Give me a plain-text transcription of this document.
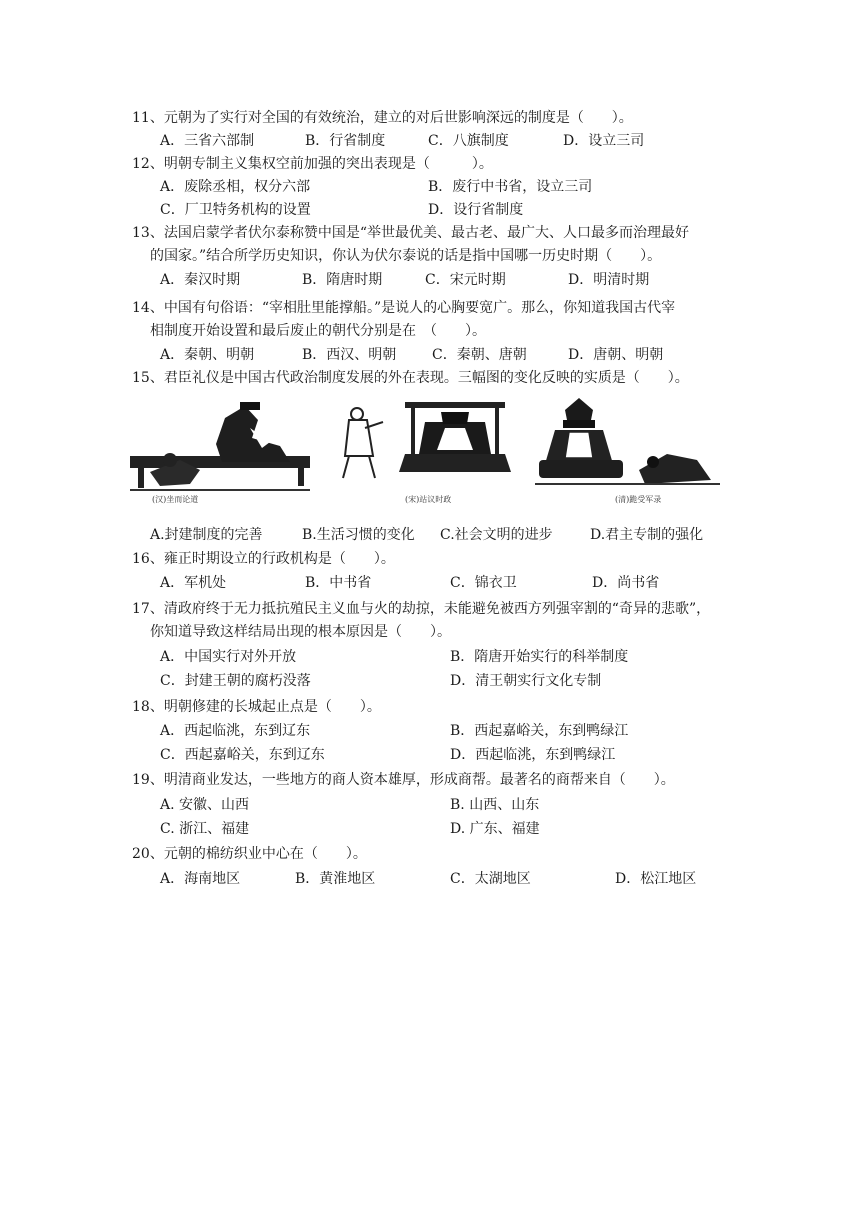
11、元朝为了实行对全国的有效统治，建立的对后世影响深远的制度是（　　）。
A．三省六部制	B．行省制度	C．八旗制度	D．设立三司
12、明朝专制主义集权空前加强的突出表现是（　　　）。
A．废除丞相，权分六部	B．废行中书省，设立三司
C．厂卫特务机构的设置	D．设行省制度
13、法国启蒙学者伏尔泰称赞中国是“举世最优美、最古老、最广大、人口最多而治理最好
的国家。”结合所学历史知识，你认为伏尔泰说的话是指中国哪一历史时期（　　）。
A．秦汉时期	B．隋唐时期	C．宋元时期	D．明清时期
14、中国有句俗语：“宰相肚里能撑船。”是说人的心胸要宽广。那么，你知道我国古代宰
相制度开始设置和最后废止的朝代分别是在　（　　）。
A．秦朝、明朝	B．西汉、明朝	C．秦朝、唐朝	D．唐朝、明朝
15、君臣礼仪是中国古代政治制度发展的外在表现。三幅图的变化反映的实质是（　　）。
(汉)坐而论道	(宋)站议时政	(清)跪受军录
A.封建制度的完善	B.生活习惯的变化 C.社会文明的进步	D.君主专制的强化
16、雍正时期设立的行政机构是（　　）。
A．军机处	B．中书省	C．锦衣卫	D．尚书省
17、清政府终于无力抵抗殖民主义血与火的劫掠，未能避免被西方列强宰割的“奇异的悲歌”，
你知道导致这样结局出现的根本原因是（　　）。
A．中国实行对外开放	B．隋唐开始实行的科举制度
C．封建王朝的腐朽没落	D．清王朝实行文化专制
18、明朝修建的长城起止点是（　　）。
A．西起临洮，东到辽东	B．西起嘉峪关，东到鸭绿江
C．西起嘉峪关，东到辽东	D．西起临洮，东到鸭绿江
19、明清商业发达，一些地方的商人资本雄厚，形成商帮。最著名的商帮来自（　　）。
A. 安徽、山西	B. 山西、山东
C. 浙江、福建	D. 广东、福建
20、元朝的棉纺织业中心在（　　）。
A．海南地区	B．黄淮地区	C．太湖地区	D．松江地区
